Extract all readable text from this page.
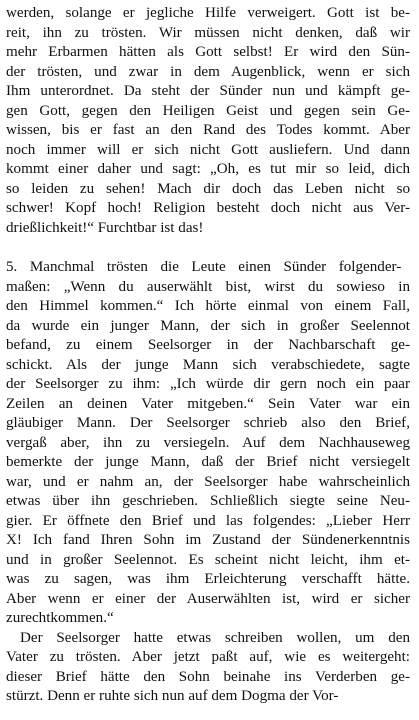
werden, solange er jegliche Hilfe verweigert. Gott ist be-
reit, ihn zu trösten. Wir müssen nicht denken, daß wir
mehr Erbarmen hätten als Gott selbst! Er wird den Sün-
der trösten, und zwar in dem Augenblick, wenn er sich
Ihm unterordnet. Da steht der Sünder nun und kämpft ge-
gen Gott, gegen den Heiligen Geist und gegen sein Ge-
wissen, bis er fast an den Rand des Todes kommt. Aber
noch immer will er sich nicht Gott ausliefern. Und dann
kommt einer daher und sagt: „Oh, es tut mir so leid, dich
so leiden zu sehen! Mach dir doch das Leben nicht so
schwer! Kopf hoch! Religion besteht doch nicht aus Ver-
drießlichkeit!“ Furchtbar ist das!
5. Manchmal trösten die Leute einen Sünder folgender-
maßen: „Wenn du auserwählt bist, wirst du sowieso in
den Himmel kommen.“ Ich hörte einmal von einem Fall,
da wurde ein junger Mann, der sich in großer Seelennot
befand, zu einem Seelsorger in der Nachbarschaft ge-
schickt. Als der junge Mann sich verabschiedete, sagte
der Seelsorger zu ihm: „Ich würde dir gern noch ein paar
Zeilen an deinen Vater mitgeben.“ Sein Vater war ein
gläubiger Mann. Der Seelsorger schrieb also den Brief,
vergaß aber, ihn zu versiegeln. Auf dem Nachhauseweg
bemerkte der junge Mann, daß der Brief nicht versiegelt
war, und er nahm an, der Seelsorger habe wahrscheinlich
etwas über ihn geschrieben. Schließlich siegte seine Neu-
gier. Er öffnete den Brief und las folgendes: „Lieber Herr
X! Ich fand Ihren Sohn im Zustand der Sündenerkenntnis
und in großer Seelennot. Es scheint nicht leicht, ihm et-
was zu sagen, was ihm Erleichterung verschafft hätte.
Aber wenn er einer der Auserwählten ist, wird er sicher
zurechtkommen.“
Der Seelsorger hatte etwas schreiben wollen, um den
Vater zu trösten. Aber jetzt paßt auf, wie es weitergeht:
dieser Brief hätte den Sohn beinahe ins Verderben ge-
stürzt. Denn er ruhte sich nun auf dem Dogma der Vor-
